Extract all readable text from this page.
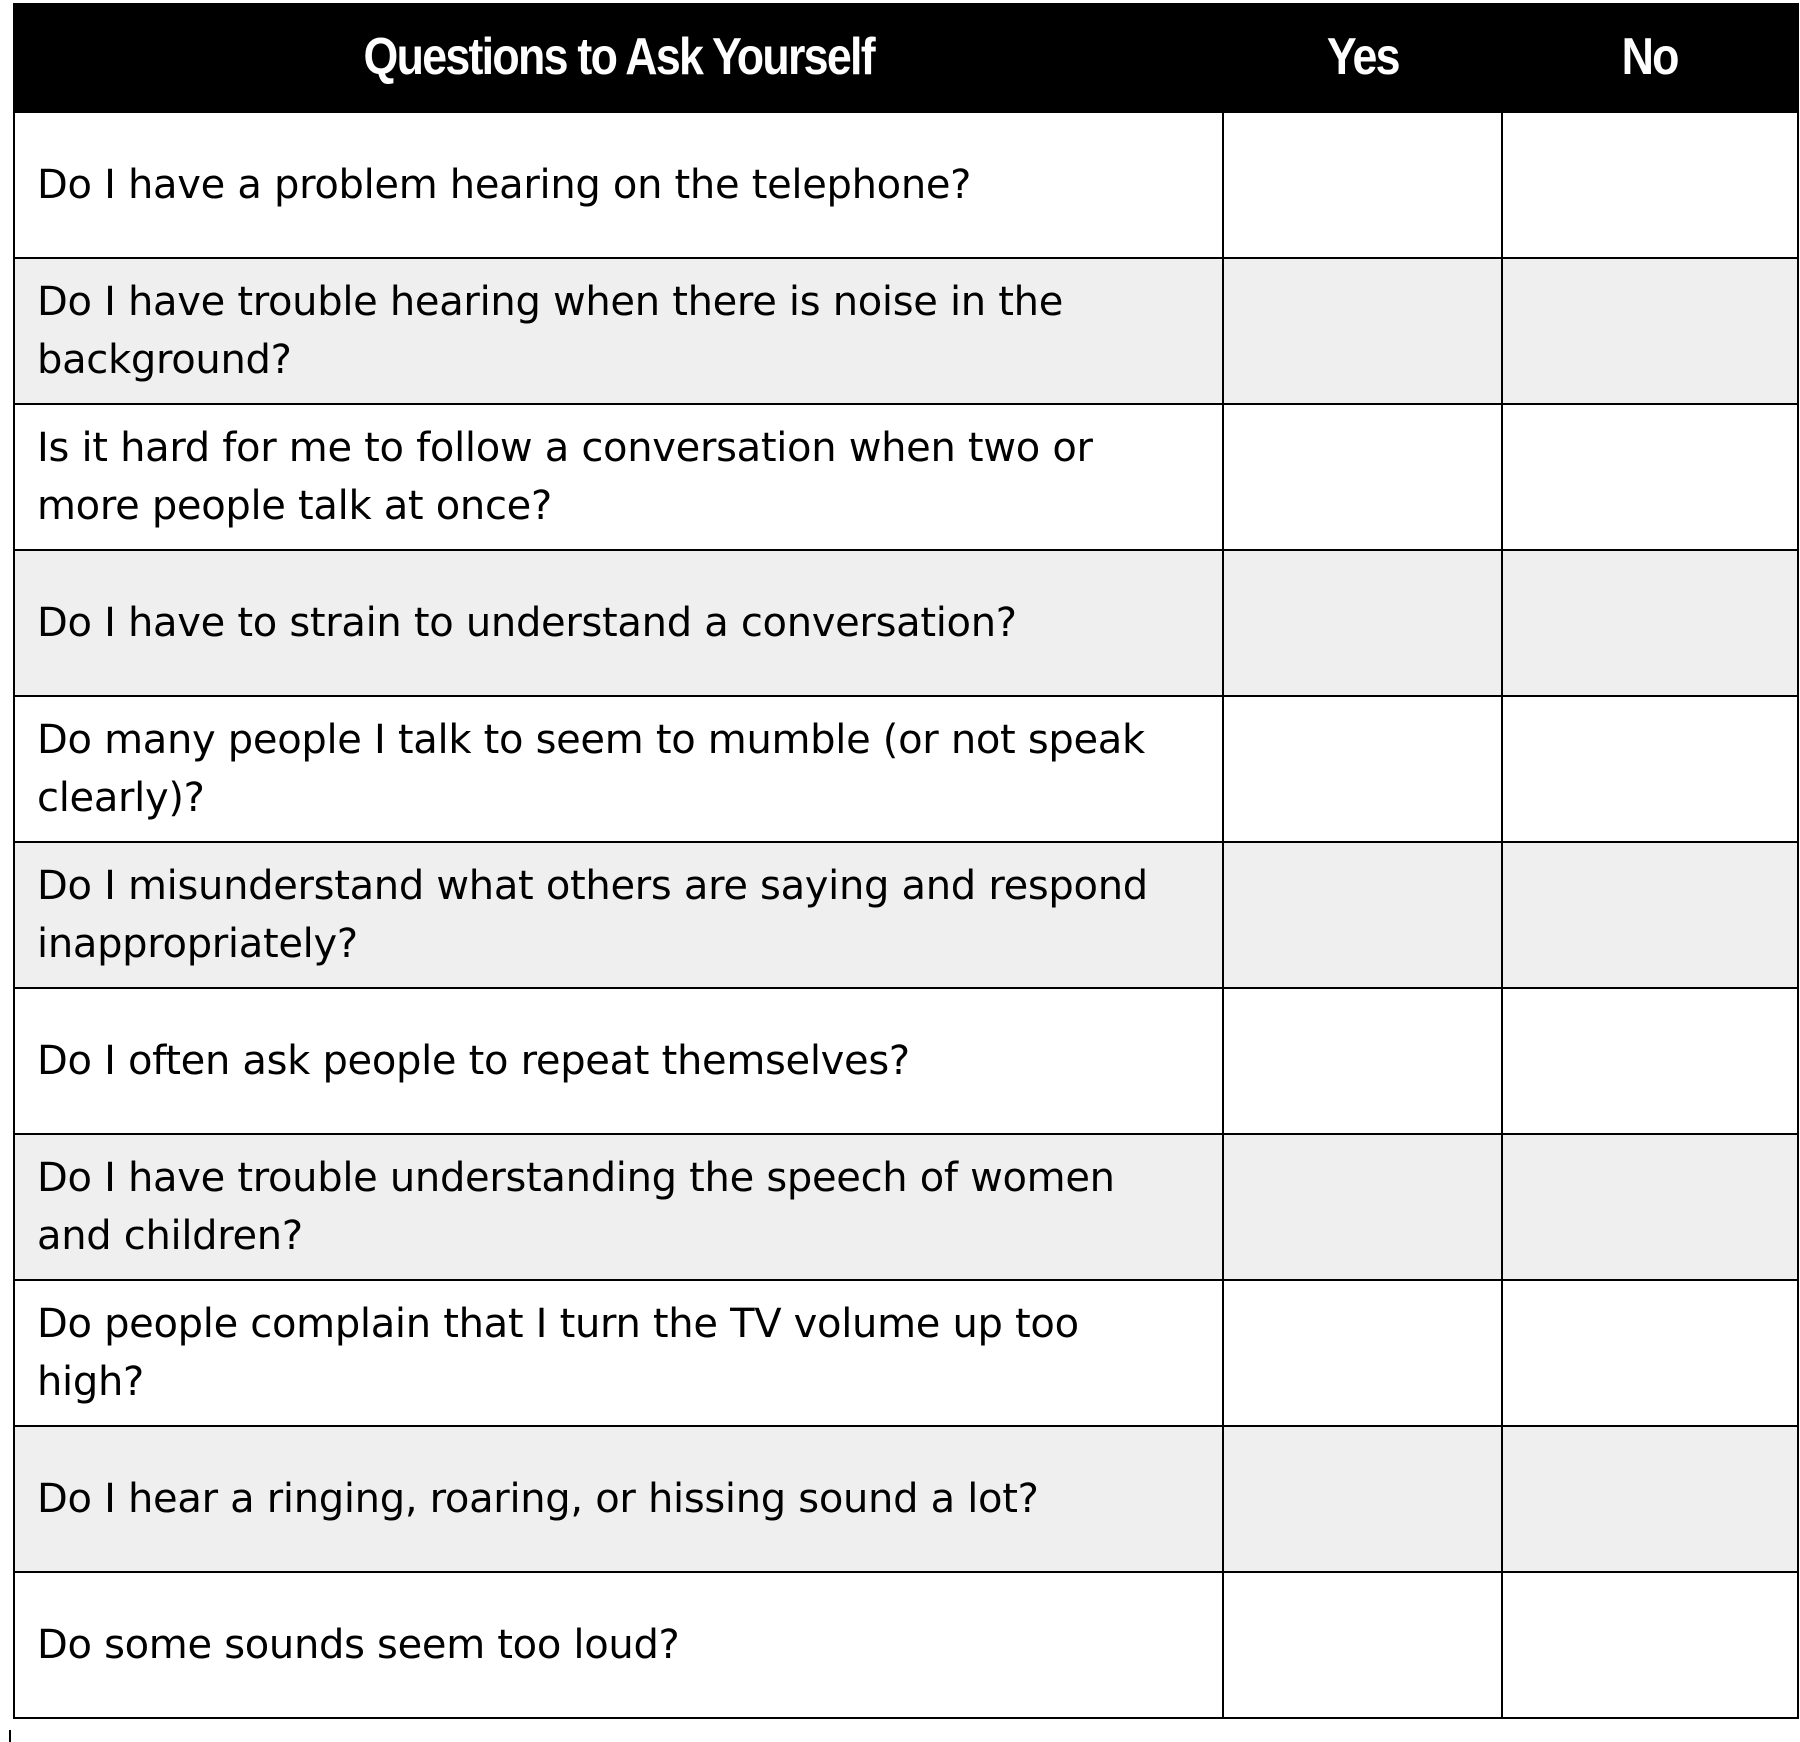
Questions to Ask Yourself	Yes	No
Do I have a problem hearing on the telephone?	

Do I have trouble hearing when there is noise in the background?	

Is it hard for me to follow a conversation when two or more people talk at once?	

Do I have to strain to understand a conversation?	

Do many people I talk to seem to mumble (or not speak clearly)?	

Do I misunderstand what others are saying and respond inappropriately?	

Do I often ask people to repeat themselves?	

Do I have trouble understanding the speech of women and children?	

Do people complain that I turn the TV volume up too high?	

Do I hear a ringing, roaring, or hissing sound a lot?	

Do some sounds seem too loud?	
